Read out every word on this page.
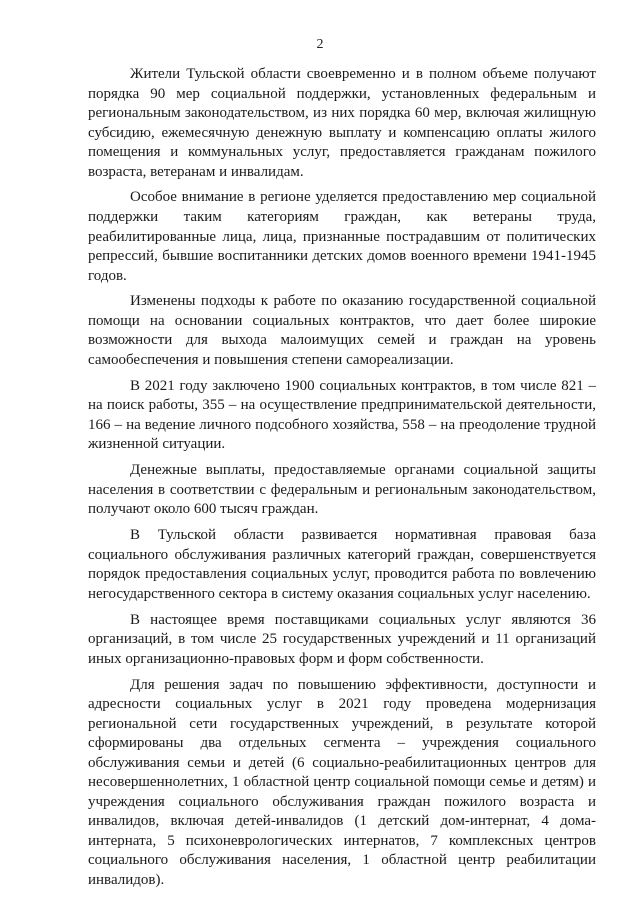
2

Жители Тульской области своевременно и в полном объеме получают порядка 90 мер социальной поддержки, установленных федеральным и региональным законодательством, из них порядка 60 мер, включая жилищную субсидию, ежемесячную денежную выплату и компенсацию оплаты жилого помещения и коммунальных услуг, предоставляется гражданам пожилого возраста, ветеранам и инвалидам.

Особое внимание в регионе уделяется предоставлению мер социальной поддержки таким категориям граждан, как ветераны труда, реабилитированные лица, лица, признанные пострадавшим от политических репрессий, бывшие воспитанники детских домов военного времени 1941-1945 годов.

Изменены подходы к работе по оказанию государственной социальной помощи на основании социальных контрактов, что дает более широкие возможности для выхода малоимущих семей и граждан на уровень самообеспечения и повышения степени самореализации.

В 2021 году заключено 1900 социальных контрактов, в том числе 821 – на поиск работы, 355 – на осуществление предпринимательской деятельности, 166 – на ведение личного подсобного хозяйства, 558 – на преодоление трудной жизненной ситуации.

Денежные выплаты, предоставляемые органами социальной защиты населения в соответствии с федеральным и региональным законодательством, получают около 600 тысяч граждан.

В Тульской области развивается нормативная правовая база социального обслуживания различных категорий граждан, совершенствуется порядок предоставления социальных услуг, проводится работа по вовлечению негосударственного сектора в систему оказания социальных услуг населению.

В настоящее время поставщиками социальных услуг являются 36 организаций, в том числе 25 государственных учреждений и 11 организаций иных организационно-правовых форм и форм собственности.

Для решения задач по повышению эффективности, доступности и адресности социальных услуг в 2021 году проведена модернизация региональной сети государственных учреждений, в результате которой сформированы два отдельных сегмента – учреждения социального обслуживания семьи и детей (6 социально-реабилитационных центров для несовершеннолетних, 1 областной центр социальной помощи семье и детям) и учреждения социального обслуживания граждан пожилого возраста и инвалидов, включая детей-инвалидов (1 детский дом-интернат, 4 дома-интерната, 5 психоневрологических интернатов, 7 комплексных центров социального обслуживания населения, 1 областной центр реабилитации инвалидов).
